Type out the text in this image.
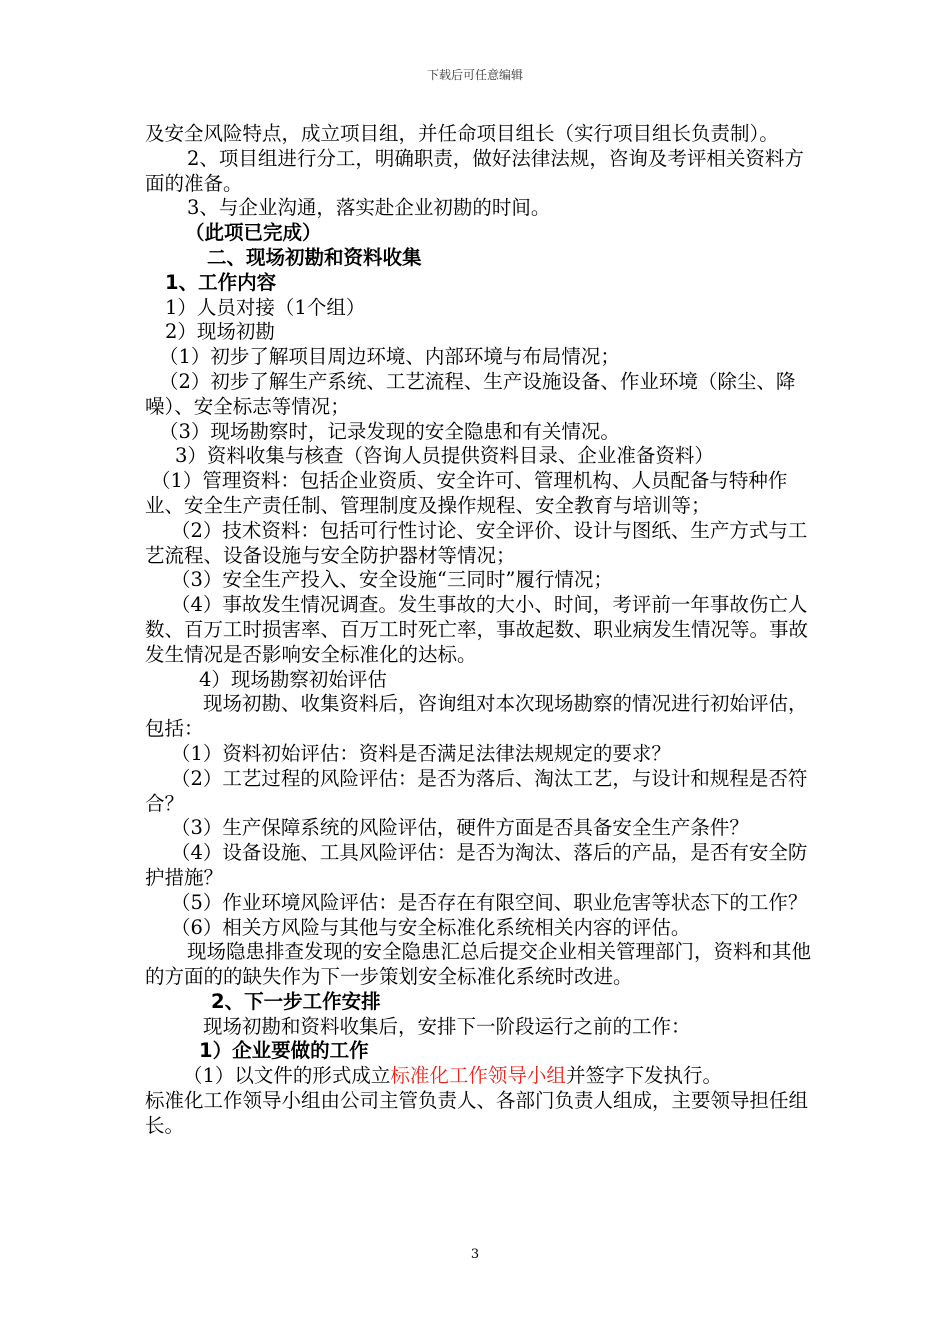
下载后可任意编辑

及安全风险特点，成立项目组，并任命项目组长（实行项目组长负责制）。

2、项目组进行分工，明确职责，做好法律法规，咨询及考评相关资料方面的准备。

3、与企业沟通，落实赴企业初勘的时间。

（此项已完成）

二、现场初勘和资料收集

1、工作内容

1）人员对接（1个组）

2）现场初勘

（1）初步了解项目周边环境、内部环境与布局情况；

（2）初步了解生产系统、工艺流程、生产设施设备、作业环境（除尘、降噪）、安全标志等情况；

（3）现场勘察时，记录发现的安全隐患和有关情况。

3）资料收集与核查（咨询人员提供资料目录、企业准备资料）

（1）管理资料：包括企业资质、安全许可、管理机构、人员配备与特种作业、安全生产责任制、管理制度及操作规程、安全教育与培训等；

（2）技术资料：包括可行性讨论、安全评价、设计与图纸、生产方式与工艺流程、设备设施与安全防护器材等情况；

（3）安全生产投入、安全设施“三同时”履行情况；

（4）事故发生情况调查。发生事故的大小、时间，考评前一年事故伤亡人数、百万工时损害率、百万工时死亡率，事故起数、职业病发生情况等。事故发生情况是否影响安全标准化的达标。

4）现场勘察初始评估

现场初勘、收集资料后，咨询组对本次现场勘察的情况进行初始评估，包括：

（1）资料初始评估：资料是否满足法律法规规定的要求？

（2）工艺过程的风险评估：是否为落后、淘汰工艺，与设计和规程是否符合？

（3）生产保障系统的风险评估，硬件方面是否具备安全生产条件？

（4）设备设施、工具风险评估：是否为淘汰、落后的产品，是否有安全防护措施？

（5）作业环境风险评估：是否存在有限空间、职业危害等状态下的工作？

（6）相关方风险与其他与安全标准化系统相关内容的评估。

现场隐患排查发现的安全隐患汇总后提交企业相关管理部门，资料和其他的方面的的缺失作为下一步策划安全标准化系统时改进。

2、下一步工作安排

现场初勘和资料收集后，安排下一阶段运行之前的工作：

1）企业要做的工作

（1）以文件的形式成立标准化工作领导小组并签字下发执行。

标准化工作领导小组由公司主管负责人、各部门负责人组成，主要领导担任组长。

3
